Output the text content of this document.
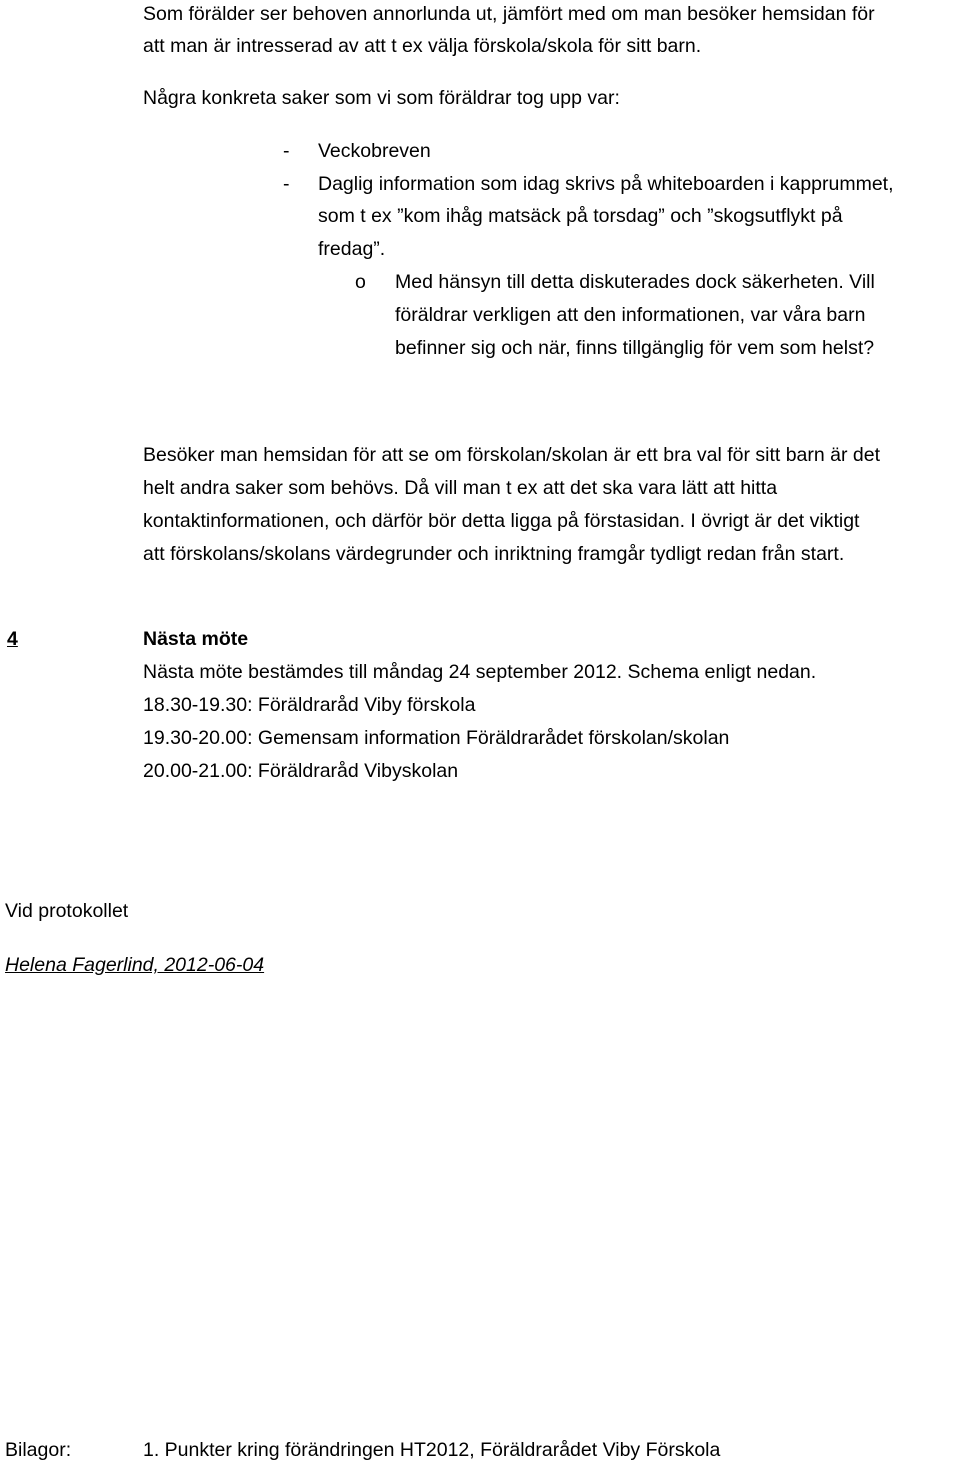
Som förälder ser behoven annorlunda ut, jämfört med om man besöker hemsidan för
att man är intresserad av att t ex välja förskola/skola för sitt barn.
Några konkreta saker som vi som föräldrar tog upp var:
- Veckobreven
- Daglig information som idag skrivs på whiteboarden i kapprummet,
som t ex ”kom ihåg matsäck på torsdag” och ”skogsutflykt på
fredag”.
o Med hänsyn till detta diskuterades dock säkerheten. Vill
föräldrar verkligen att den informationen, var våra barn
befinner sig och när, finns tillgänglig för vem som helst?
Besöker man hemsidan för att se om förskolan/skolan är ett bra val för sitt barn är det
helt andra saker som behövs. Då vill man t ex att det ska vara lätt att hitta
kontaktinformationen, och därför bör detta ligga på förstasidan. I övrigt är det viktigt
att förskolans/skolans värdegrunder och inriktning framgår tydligt redan från start.
4	Nästa möte
Nästa möte bestämdes till måndag 24 september 2012. Schema enligt nedan.
18.30-19.30: Föräldraråd Viby förskola
19.30-20.00: Gemensam information Föräldrarådet förskolan/skolan
20.00-21.00: Föräldraråd Vibyskolan
Vid protokollet
Helena Fagerlind, 2012-06-04
Bilagor:	1. Punkter kring förändringen HT2012, Föräldrarådet Viby Förskola
